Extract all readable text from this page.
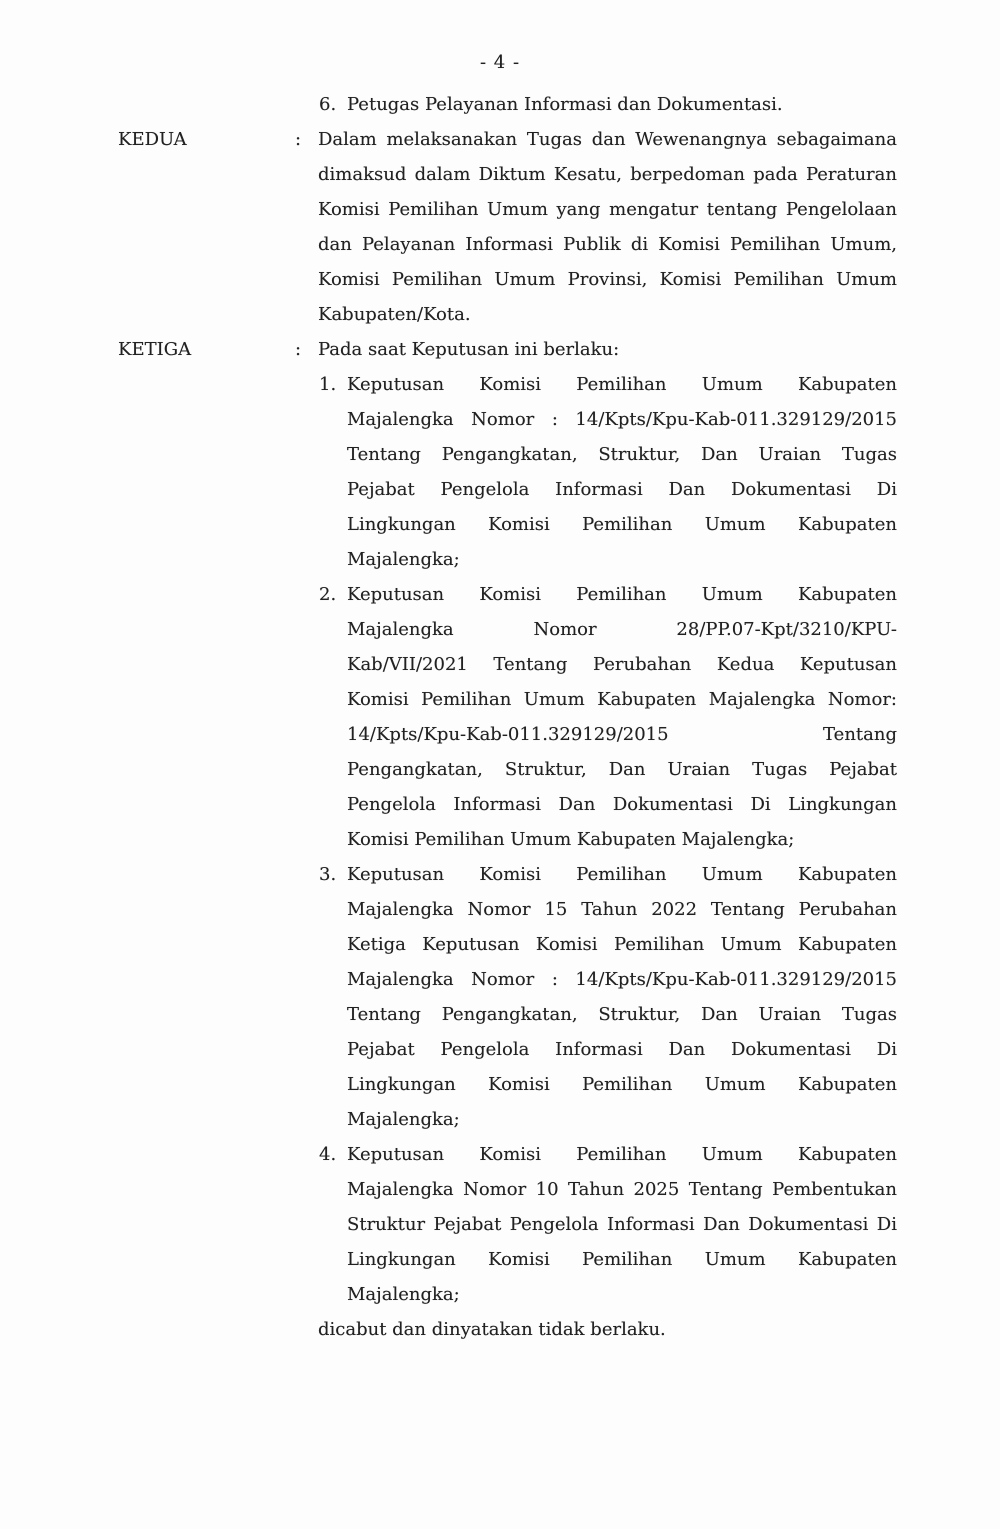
- 4 -
6. Petugas Pelayanan Informasi dan Dokumentasi.
KEDUA	: Dalam melaksanakan Tugas dan Wewenangnya sebagaimana
dimaksud dalam Diktum Kesatu, berpedoman pada Peraturan
Komisi Pemilihan Umum yang mengatur tentang Pengelolaan
dan Pelayanan Informasi Publik di Komisi Pemilihan Umum,
Komisi Pemilihan Umum Provinsi, Komisi Pemilihan Umum
Kabupaten/Kota.
KETIGA	: Pada saat Keputusan ini berlaku:
1. Keputusan Komisi Pemilihan Umum Kabupaten
Majalengka Nomor : 14/Kpts/Kpu-Kab-011.329129/2015
Tentang Pengangkatan, Struktur, Dan Uraian Tugas
Pejabat Pengelola Informasi Dan Dokumentasi Di
Lingkungan Komisi Pemilihan Umum Kabupaten
Majalengka;
2. Keputusan Komisi Pemilihan Umum Kabupaten
Majalengka Nomor 28/PP.07-Kpt/3210/KPU-
Kab/VII/2021 Tentang Perubahan Kedua Keputusan
Komisi Pemilihan Umum Kabupaten Majalengka Nomor:
14/Kpts/Kpu-Kab-011.329129/2015 Tentang
Pengangkatan, Struktur, Dan Uraian Tugas Pejabat
Pengelola Informasi Dan Dokumentasi Di Lingkungan
Komisi Pemilihan Umum Kabupaten Majalengka;
3. Keputusan Komisi Pemilihan Umum Kabupaten
Majalengka Nomor 15 Tahun 2022 Tentang Perubahan
Ketiga Keputusan Komisi Pemilihan Umum Kabupaten
Majalengka Nomor : 14/Kpts/Kpu-Kab-011.329129/2015
Tentang Pengangkatan, Struktur, Dan Uraian Tugas
Pejabat Pengelola Informasi Dan Dokumentasi Di
Lingkungan Komisi Pemilihan Umum Kabupaten
Majalengka;
4. Keputusan Komisi Pemilihan Umum Kabupaten
Majalengka Nomor 10 Tahun 2025 Tentang Pembentukan
Struktur Pejabat Pengelola Informasi Dan Dokumentasi Di
Lingkungan Komisi Pemilihan Umum Kabupaten
Majalengka;
dicabut dan dinyatakan tidak berlaku.
